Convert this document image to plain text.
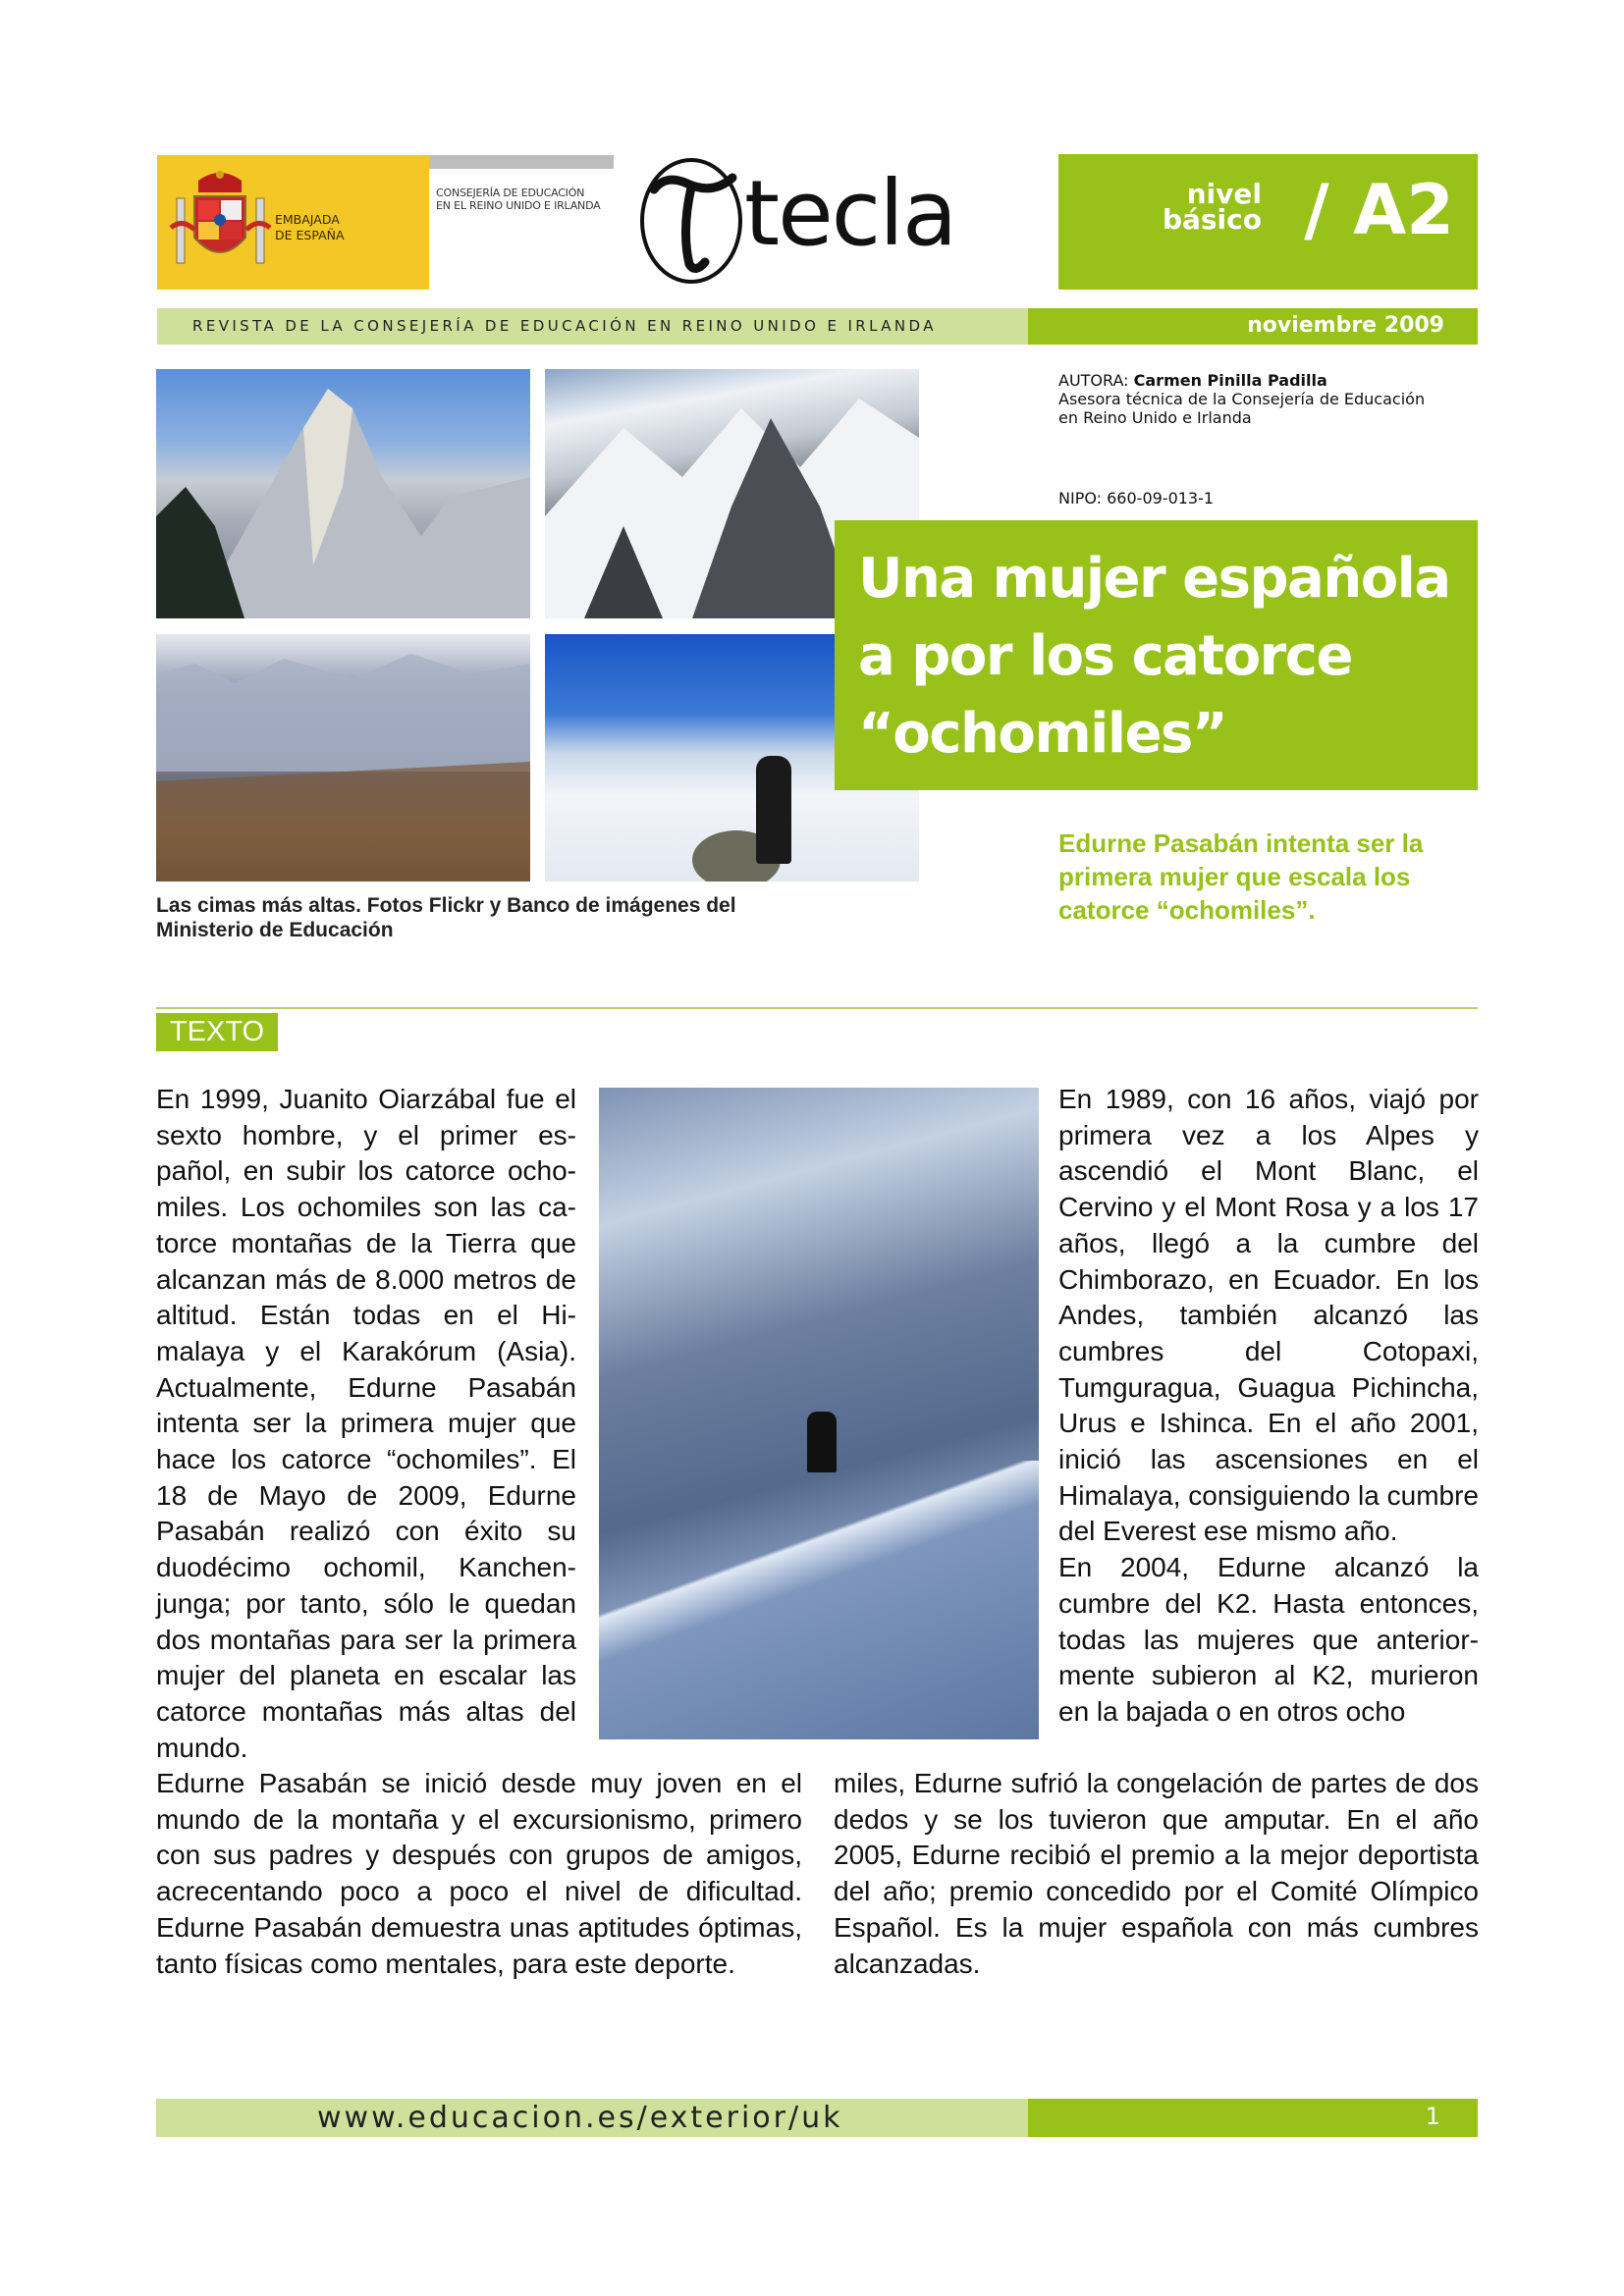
EMBAJADA
DE ESPAÑA
CONSEJERÍA DE EDUCACIÓN
EN EL REINO UNIDO E IRLANDA tecla	nivel
básico / A2
REVISTA DE LA CONSEJERÍA DE EDUCACIÓN EN REINO UNIDO E IRLANDA	noviembre 2009
Las cimas más altas. Fotos Flickr y Banco de imágenes del Ministerio de Educación
AUTORA: Carmen Pinilla Padilla
Asesora técnica de la Consejería de Educación
en Reino Unido e Irlanda
NIPO: 660-09-013-1
Una mujer española a por los catorce “ochomiles”
Edurne Pasabán intenta ser la primera mujer que escala los catorce “ochomiles”.
TEXTO
En 1999, Juanito Oiarzábal fue el sexto hombre, y el primer español, en subir los catorce ochomiles. Los ochomiles son las catorce montañas de la Tierra que alcanzan más de 8.000 metros de altitud. Están todas en el Himalaya y el Karakórum (Asia). Actualmente, Edurne Pasabán intenta ser la primera mujer que hace los catorce “ochomiles”. El 18 de Mayo de 2009, Edurne Pasabán realizó con éxito su duodécimo ochomil, Kanchenjunga; por tanto, sólo le quedan dos montañas para ser la primera mujer del planeta en escalar las catorce montañas más altas del mundo.
En 1989, con 16 años, viajó por primera vez a los Alpes y ascendió el Mont Blanc, el Cervino y el Mont Rosa y a los 17 años, llegó a la cumbre del Chimborazo, en Ecuador. En los Andes, también alcanzó las cumbres del Cotopaxi, Tumguragua, Guagua Pichincha, Urus e Ishinca. En el año 2001, inició las ascensiones en el Himalaya, consiguiendo la cumbre del Everest ese mismo año.
En 2004, Edurne alcanzó la cumbre del K2. Hasta entonces, todas las mujeres que anteriormente subieron al K2, murieron en la bajada o en otros ocho
Edurne Pasabán se inició desde muy joven en el mundo de la montaña y el excursionismo, primero con sus padres y después con grupos de amigos, acrecentando poco a poco el nivel de dificultad. Edurne Pasabán demuestra unas aptitudes óptimas, tanto físicas como mentales, para este deporte.
miles, Edurne sufrió la congelación de partes de dos dedos y se los tuvieron que amputar. En el año 2005, Edurne recibió el premio a la mejor deportista del año; premio concedido por el Comité Olímpico Español. Es la mujer española con más cumbres alcanzadas.
www.educacion.es/exterior/uk	1
